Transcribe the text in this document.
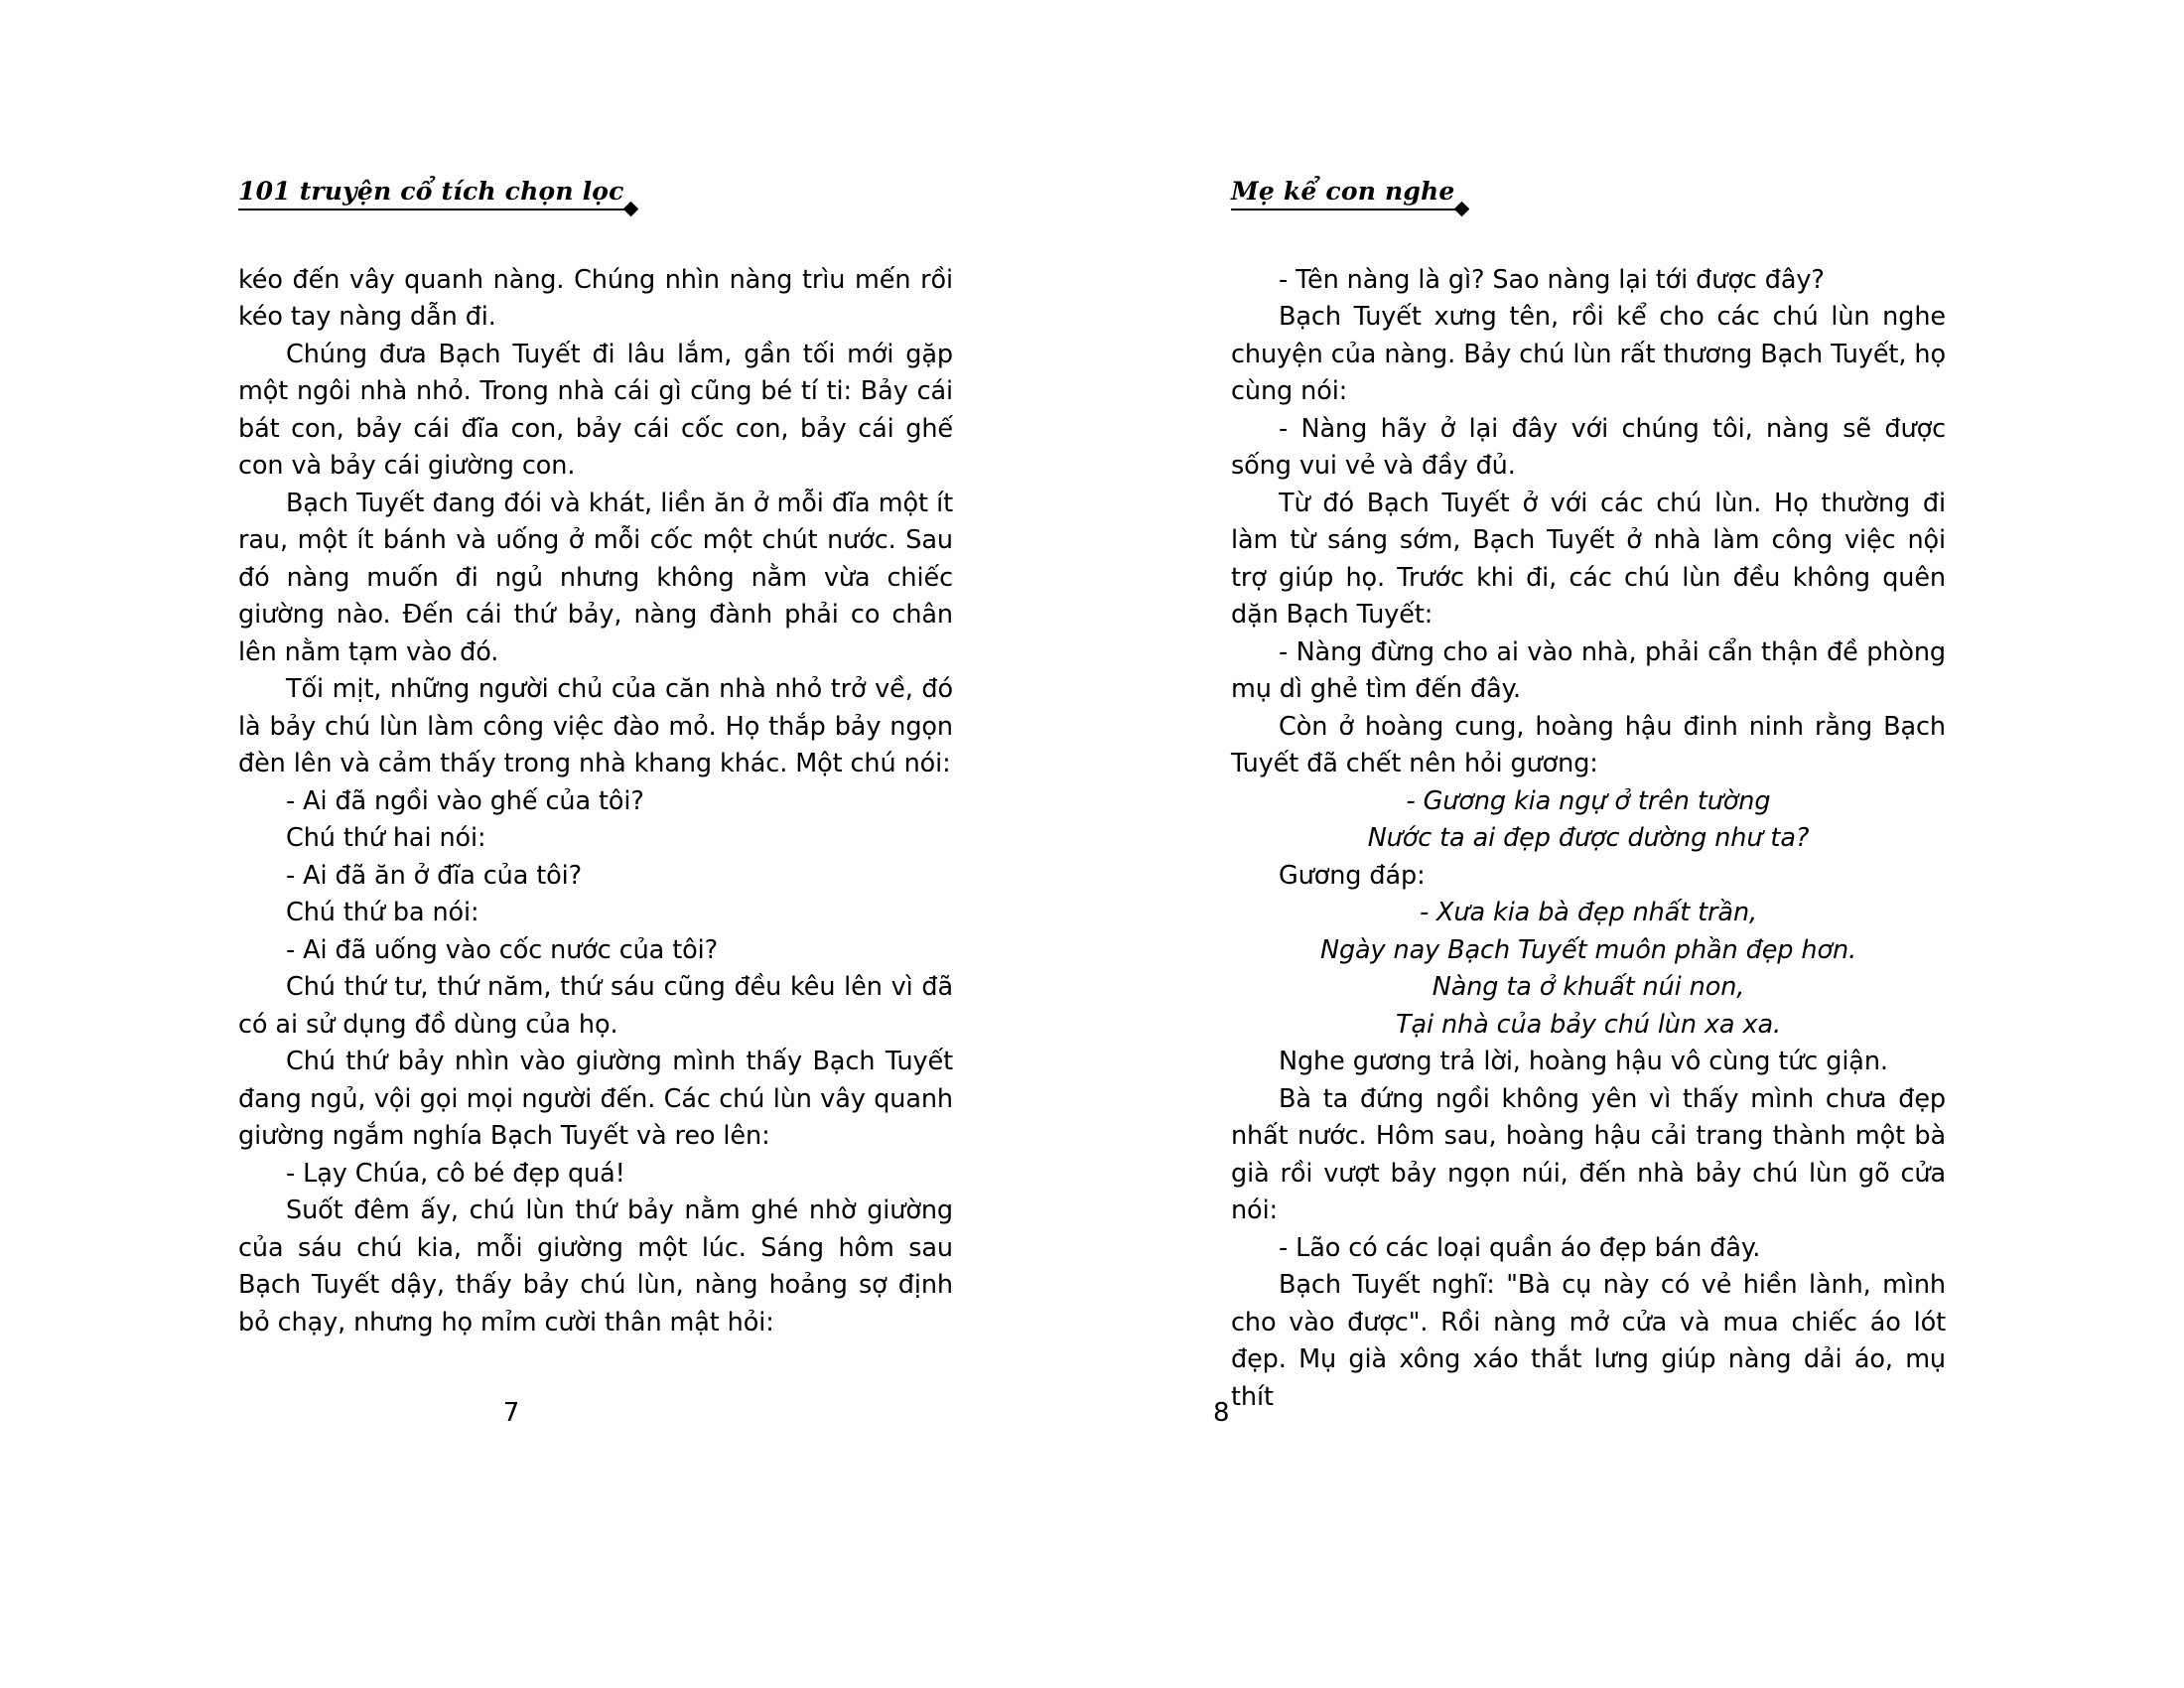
101 truyện cổ tích chọn lọc

kéo đến vây quanh nàng. Chúng nhìn nàng trìu mến rồi kéo tay nàng dẫn đi.

Chúng đưa Bạch Tuyết đi lâu lắm, gần tối mới gặp một ngôi nhà nhỏ. Trong nhà cái gì cũng bé tí ti: Bảy cái bát con, bảy cái đĩa con, bảy cái cốc con, bảy cái ghế con và bảy cái giường con.

Bạch Tuyết đang đói và khát, liền ăn ở mỗi đĩa một ít rau, một ít bánh và uống ở mỗi cốc một chút nước. Sau đó nàng muốn đi ngủ nhưng không nằm vừa chiếc giường nào. Đến cái thứ bảy, nàng đành phải co chân lên nằm tạm vào đó.

Tối mịt, những người chủ của căn nhà nhỏ trở về, đó là bảy chú lùn làm công việc đào mỏ. Họ thắp bảy ngọn đèn lên và cảm thấy trong nhà khang khác. Một chú nói:

- Ai đã ngồi vào ghế của tôi?

Chú thứ hai nói:

- Ai đã ăn ở đĩa của tôi?

Chú thứ ba nói:

- Ai đã uống vào cốc nước của tôi?

Chú thứ tư, thứ năm, thứ sáu cũng đều kêu lên vì đã có ai sử dụng đồ dùng của họ.

Chú thứ bảy nhìn vào giường mình thấy Bạch Tuyết đang ngủ, vội gọi mọi người đến. Các chú lùn vây quanh giường ngắm nghía Bạch Tuyết và reo lên:

- Lạy Chúa, cô bé đẹp quá!

Suốt đêm ấy, chú lùn thứ bảy nằm ghé nhờ giường của sáu chú kia, mỗi giường một lúc. Sáng hôm sau Bạch Tuyết dậy, thấy bảy chú lùn, nàng hoảng sợ định bỏ chạy, nhưng họ mỉm cười thân mật hỏi:

7
Mẹ kể con nghe

- Tên nàng là gì? Sao nàng lại tới được đây?

Bạch Tuyết xưng tên, rồi kể cho các chú lùn nghe chuyện của nàng. Bảy chú lùn rất thương Bạch Tuyết, họ cùng nói:

- Nàng hãy ở lại đây với chúng tôi, nàng sẽ được sống vui vẻ và đầy đủ.

Từ đó Bạch Tuyết ở với các chú lùn. Họ thường đi làm từ sáng sớm, Bạch Tuyết ở nhà làm công việc nội trợ giúp họ. Trước khi đi, các chú lùn đều không quên dặn Bạch Tuyết:

- Nàng đừng cho ai vào nhà, phải cẩn thận đề phòng mụ dì ghẻ tìm đến đây.

Còn ở hoàng cung, hoàng hậu đinh ninh rằng Bạch Tuyết đã chết nên hỏi gương:

- Gương kia ngự ở trên tường

Nước ta ai đẹp được dường như ta?

Gương đáp:

- Xưa kia bà đẹp nhất trần,

Ngày nay Bạch Tuyết muôn phần đẹp hơn.

Nàng ta ở khuất núi non,

Tại nhà của bảy chú lùn xa xa.

Nghe gương trả lời, hoàng hậu vô cùng tức giận.

Bà ta đứng ngồi không yên vì thấy mình chưa đẹp nhất nước. Hôm sau, hoàng hậu cải trang thành một bà già rồi vượt bảy ngọn núi, đến nhà bảy chú lùn gõ cửa nói:

- Lão có các loại quần áo đẹp bán đây.

Bạch Tuyết nghĩ: "Bà cụ này có vẻ hiền lành, mình cho vào được". Rồi nàng mở cửa và mua chiếc áo lót đẹp. Mụ già xông xáo thắt lưng giúp nàng dải áo, mụ thít

8
